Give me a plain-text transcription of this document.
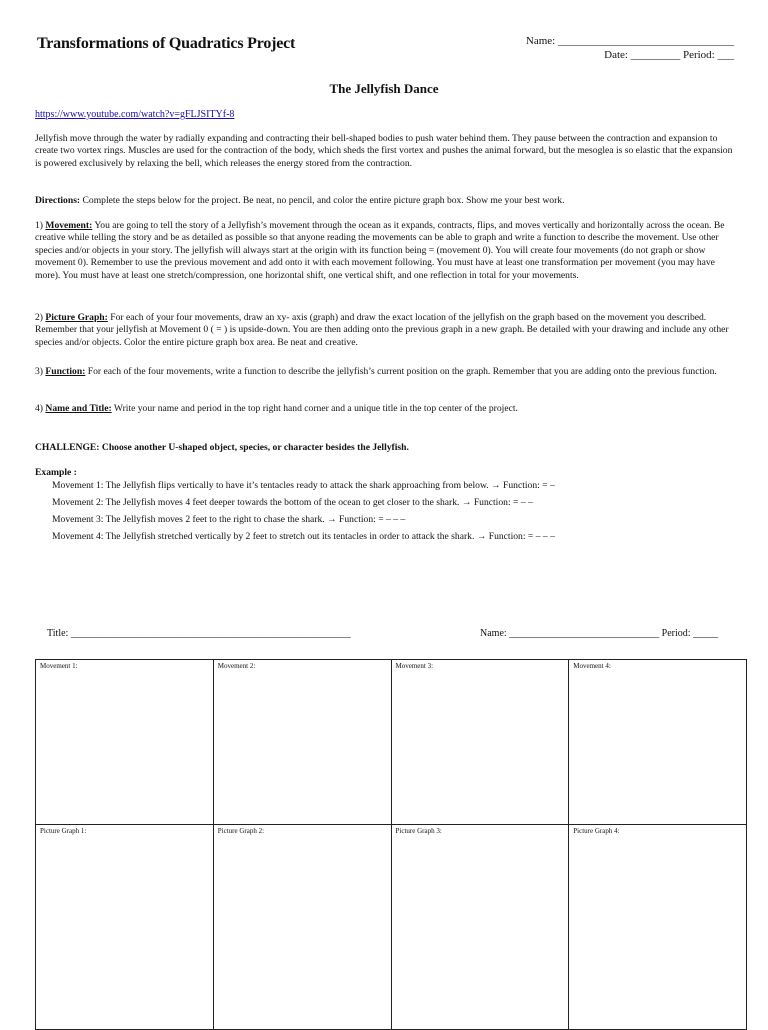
Transformations of Quadratics Project	Name: ________________________________
Date: _________ Period: ___
The Jellyfish Dance
https://www.youtube.com/watch?v=gFLJSITYf-8
Jellyfish move through the water by radially expanding and contracting their bell-shaped bodies to push water behind them. They pause between the contraction and expansion to create two vortex rings. Muscles are used for the contraction of the body, which sheds the first vortex and pushes the animal forward, but the mesoglea is so elastic that the expansion is powered exclusively by relaxing the bell, which releases the energy stored from the contraction.
Directions: Complete the steps below for the project. Be neat, no pencil, and color the entire picture graph box. Show me your best work.
1) Movement: You are going to tell the story of a Jellyfish’s movement through the ocean as it expands, contracts, flips, and moves vertically and horizontally across the ocean. Be creative while telling the story and be as detailed as possible so that anyone reading the movements can be able to graph and write a function to describe the movement. Use other species and/or objects in your story. The jellyfish will always start at the origin with its function being = (movement 0). You will create four movements (do not graph or show movement 0). Remember to use the previous movement and add onto it with each movement following. You must have at least one transformation per movement (you may have more). You must have at least one stretch/compression, one horizontal shift, one vertical shift, and one reflection in total for your movements.
2) Picture Graph: For each of your four movements, draw an xy- axis (graph) and draw the exact location of the jellyfish on the graph based on the movement you described. Remember that your jellyfish at Movement 0 ( = ) is upside-down. You are then adding onto the previous graph in a new graph. Be detailed with your drawing and include any other species and/or objects. Color the entire picture graph box area. Be neat and creative.
3) Function: For each of the four movements, write a function to describe the jellyfish’s current position on the graph. Remember that you are adding onto the previous function.
4) Name and Title: Write your name and period in the top right hand corner and a unique title in the top center of the project.
CHALLENGE: Choose another U-shaped object, species, or character besides the Jellyfish.
Example :
Movement 1: The Jellyfish flips vertically to have it’s tentacles ready to attack the shark approaching from below. → Function: = –
Movement 2: The Jellyfish moves 4 feet deeper towards the bottom of the ocean to get closer to the shark. → Function: = – –
Movement 3: The Jellyfish moves 2 feet to the right to chase the shark. → Function: = – – –
Movement 4: The Jellyfish stretched vertically by 2 feet to stretch out its tentacles in order to attack the shark. → Function: = – – –
Title: ________________________________________________________	Name: ______________________________ Period: _____
Movement 1:	Movement 2:	Movement 3:	Movement 4:
Picture Graph 1:	Picture Graph 2:	Picture Graph 3:	Picture Graph 4:
